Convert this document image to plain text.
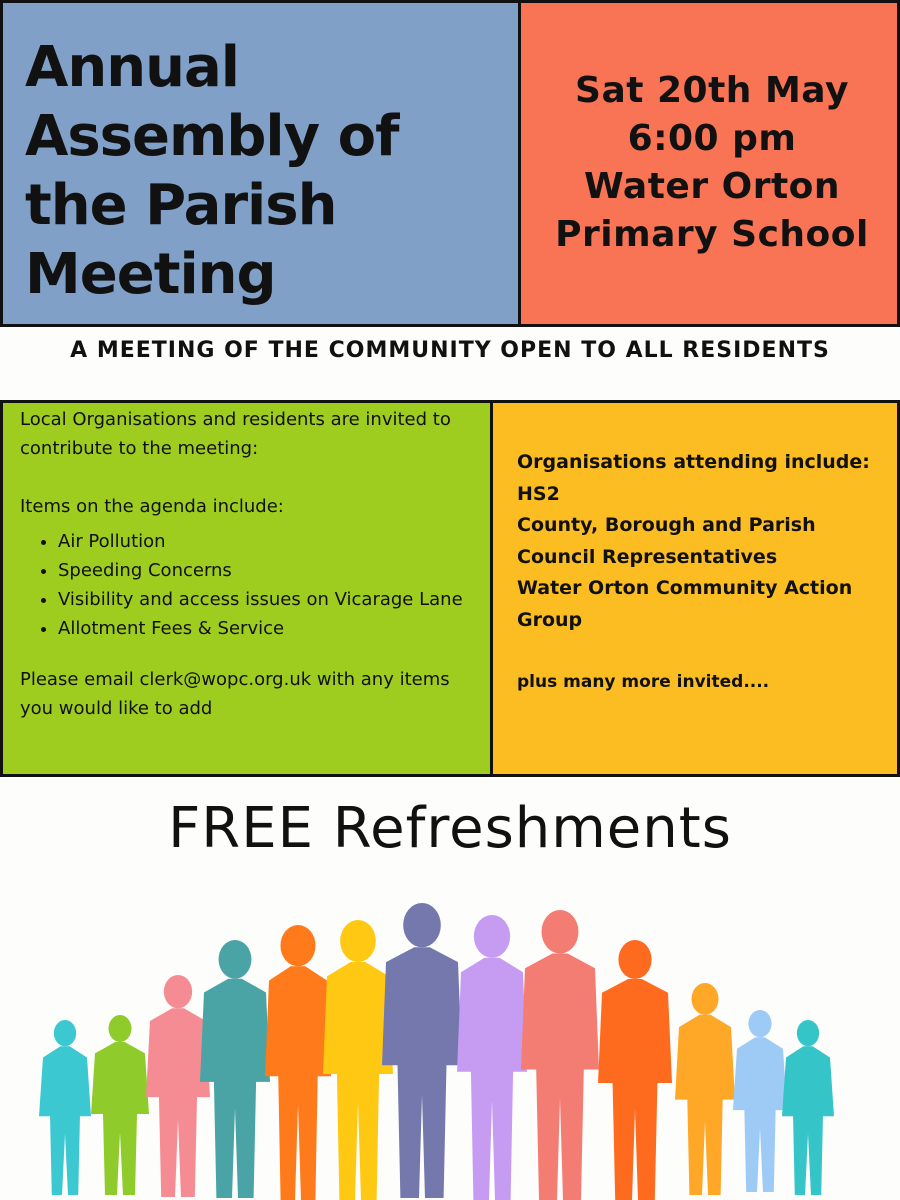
Annual
Assembly of
the Parish
Meeting
Sat 20th May
6:00 pm
Water Orton
Primary School
A MEETING OF THE COMMUNITY OPEN TO ALL RESIDENTS

Local Organisations and residents are invited to contribute to the meeting:

Items on the agenda include:

• Air Pollution
• Speeding Concerns
• Visibility and access issues on Vicarage Lane
• Allotment Fees & Service

Please email clerk@wopc.org.uk with any items you would like to add

Organisations attending include:
HS2
County, Borough and Parish Council Representatives
Water Orton Community Action Group
plus many more invited....
FREE Refreshments
